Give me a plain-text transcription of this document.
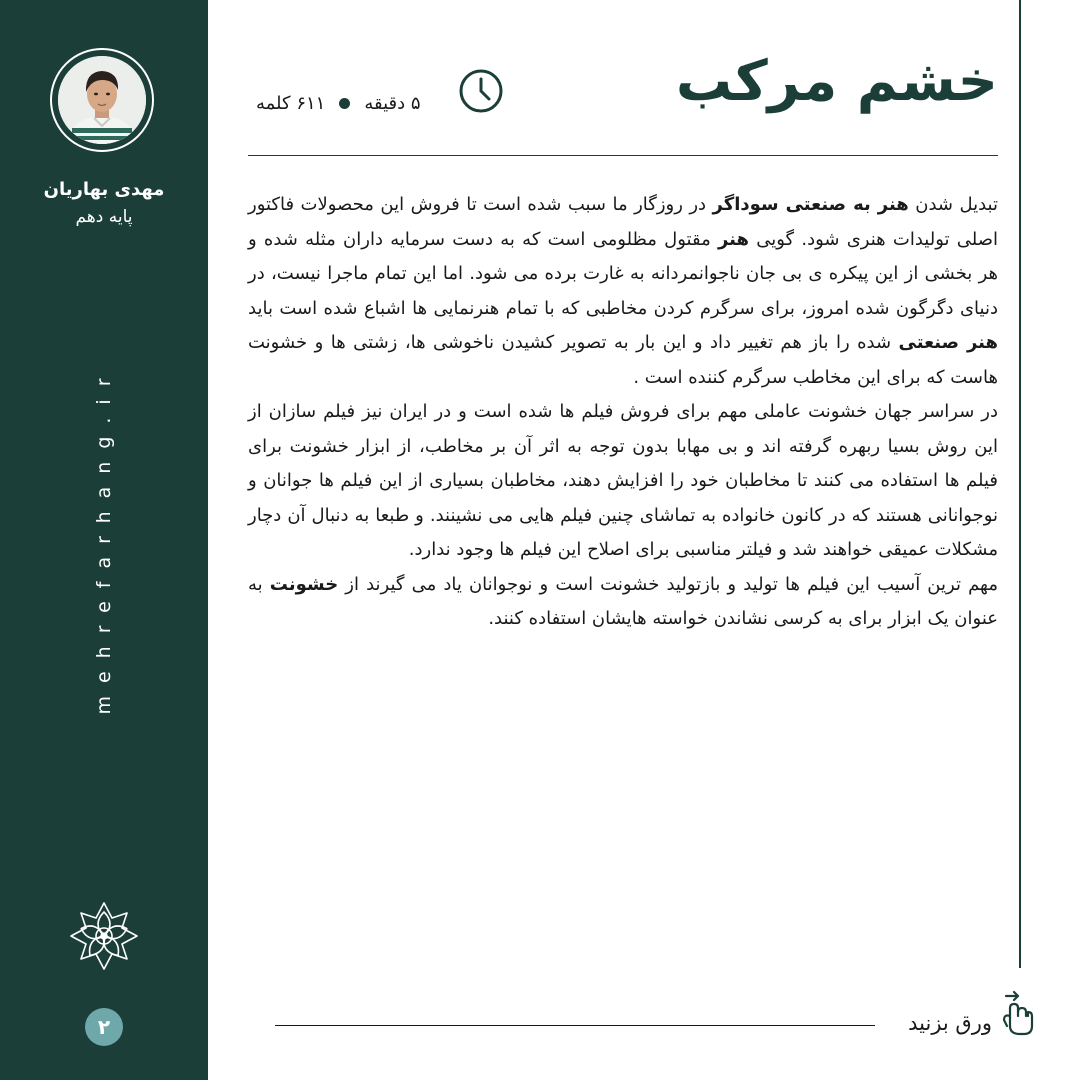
مهدی بهاریان
پایه دهم
mehrefarhang.ir
۲
خشم مرکب
۵ دقیقه
۶۱۱ کلمه

تبدیل شدن هنر به صنعتی سوداگر در روزگار ما سبب شده است تا فروش این محصولات فاکتور اصلی تولیدات هنری شود. گویی هنر مقتول مظلومی است که به دست سرمایه داران مثله شده و هر بخشی از این پیکره ی بی جان ناجوانمردانه به غارت برده می شود. اما این تمام ماجرا نیست، در دنیای دگرگون شده امروز، برای سرگرم کردن مخاطبی که با تمام هنرنمایی ها اشباع شده است باید هنر صنعتی شده را باز هم تغییر داد و این بار به تصویر کشیدن ناخوشی ها، زشتی ها و خشونت هاست که برای این مخاطب سرگرم کننده است .

در سراسر جهان خشونت عاملی مهم برای فروش فیلم ها شده است و در ایران نیز فیلم سازان از این روش بسیا ربهره گرفته اند و بی مهابا بدون توجه به اثر آن بر مخاطب، از ابزار خشونت برای فیلم ها استفاده می کنند تا مخاطبان خود را افزایش دهند، مخاطبان بسیاری از این فیلم ها جوانان و نوجوانانی هستند که در کانون خانواده به تماشای چنین فیلم هایی می نشینند. و طبعا به دنبال آن دچار مشکلات عمیقی خواهند شد و فیلتر مناسبی برای اصلاح این فیلم ها وجود ندارد.

مهم ترین آسیب این فیلم ها تولید و بازتولید خشونت است و نوجوانان یاد می گیرند از خشونت به عنوان یک ابزار برای به کرسی نشاندن خواسته هایشان استفاده کنند.

ورق بزنید
